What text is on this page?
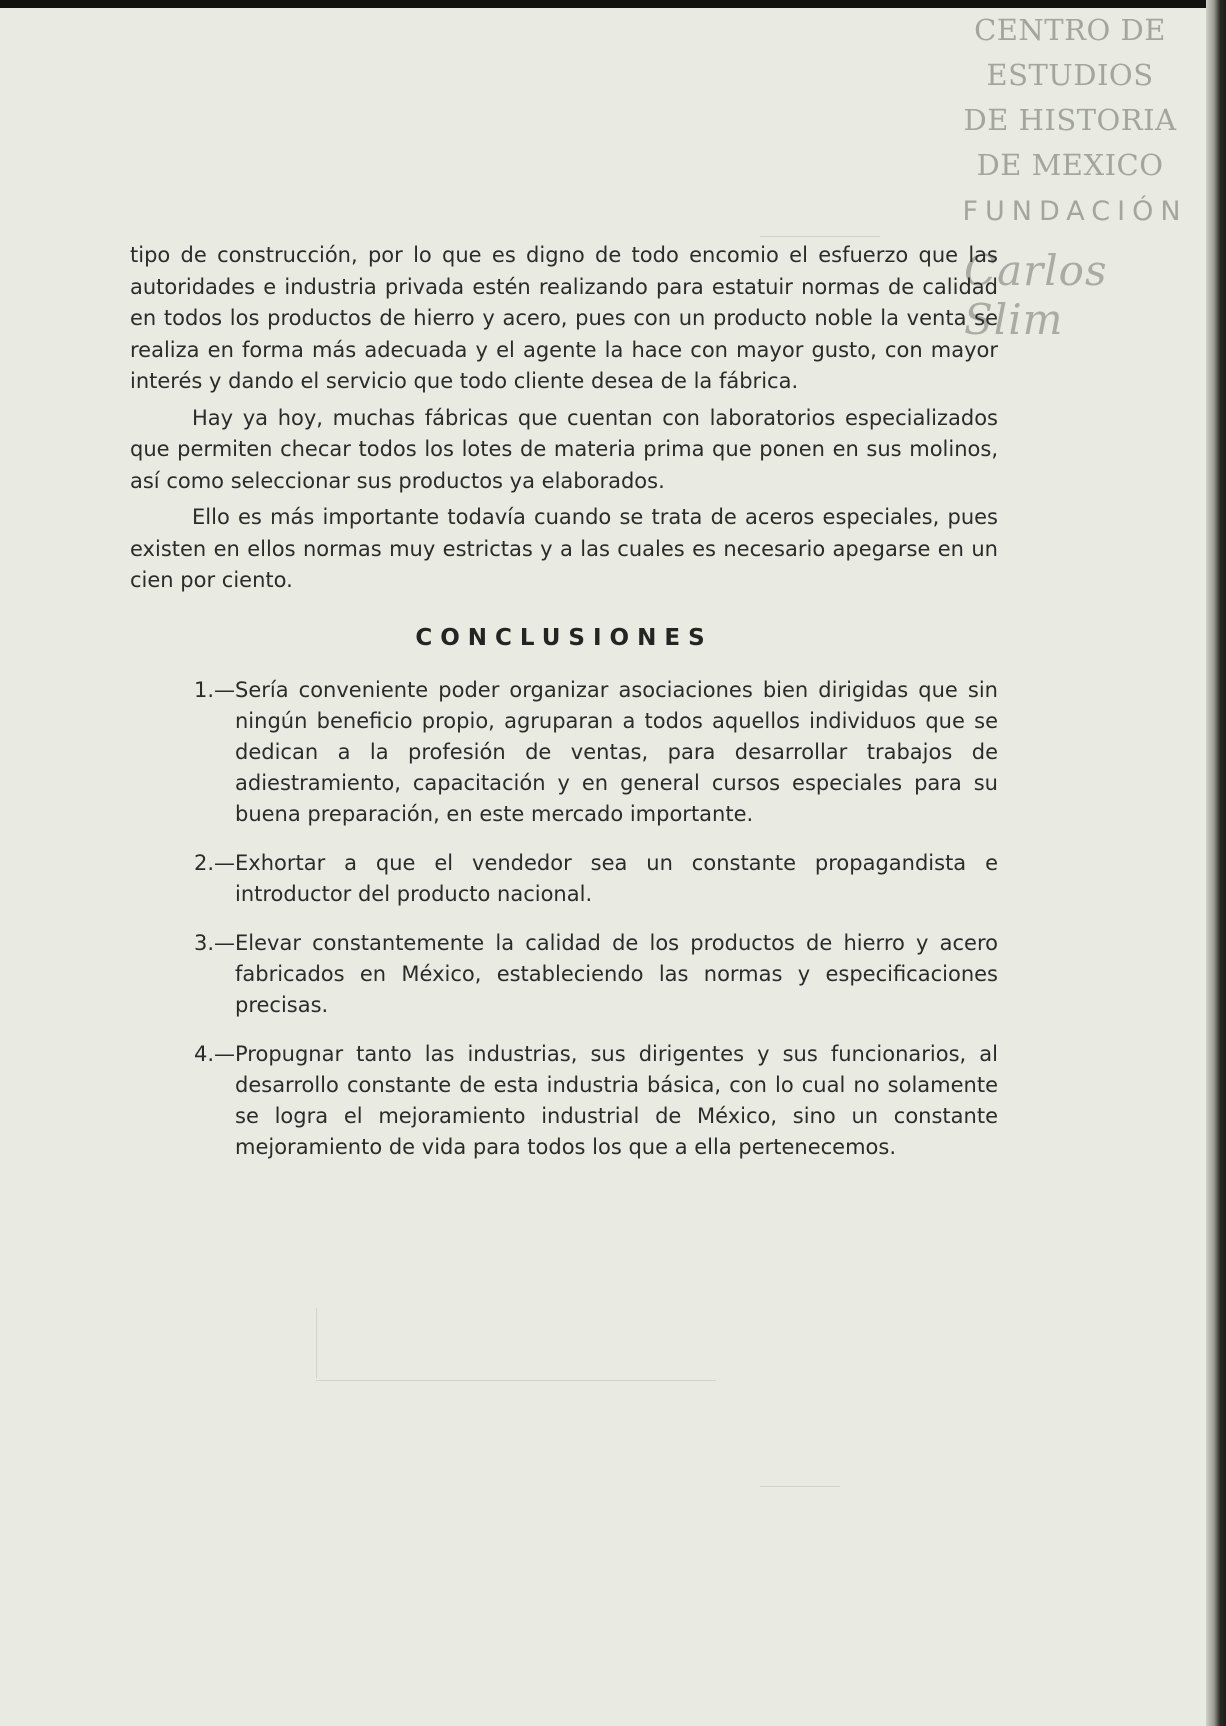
CENTRO DE
ESTUDIOS
DE HISTORIA
DE MEXICO
FUNDACIÓN
Carlos Slim

tipo de construcción, por lo que es digno de todo encomio el esfuerzo que las autoridades e industria privada estén realizando para estatuir normas de calidad en todos los productos de hierro y acero, pues con un producto noble la venta se realiza en forma más adecuada y el agente la hace con mayor gusto, con mayor interés y dando el servicio que todo cliente desea de la fábrica.

Hay ya hoy, muchas fábricas que cuentan con laboratorios especializados que permiten checar todos los lotes de materia prima que ponen en sus molinos, así como seleccionar sus productos ya elaborados.

Ello es más importante todavía cuando se trata de aceros especiales, pues existen en ellos normas muy estrictas y a las cuales es necesario apegarse en un cien por ciento.

CONCLUSIONES
1.— Sería conveniente poder organizar asociaciones bien dirigidas que sin ningún beneficio propio, agruparan a todos aquellos individuos que se dedican a la profesión de ventas, para desarrollar trabajos de adiestramiento, capacitación y en general cursos especiales para su buena preparación, en este mercado importante.
2.— Exhortar a que el vendedor sea un constante propagandista e introductor del producto nacional.
3.— Elevar constantemente la calidad de los productos de hierro y acero fabricados en México, estableciendo las normas y especificaciones precisas.
4.— Propugnar tanto las industrias, sus dirigentes y sus funcionarios, al desarrollo constante de esta industria básica, con lo cual no solamente se logra el mejoramiento industrial de México, sino un constante mejoramiento de vida para todos los que a ella pertenecemos.
